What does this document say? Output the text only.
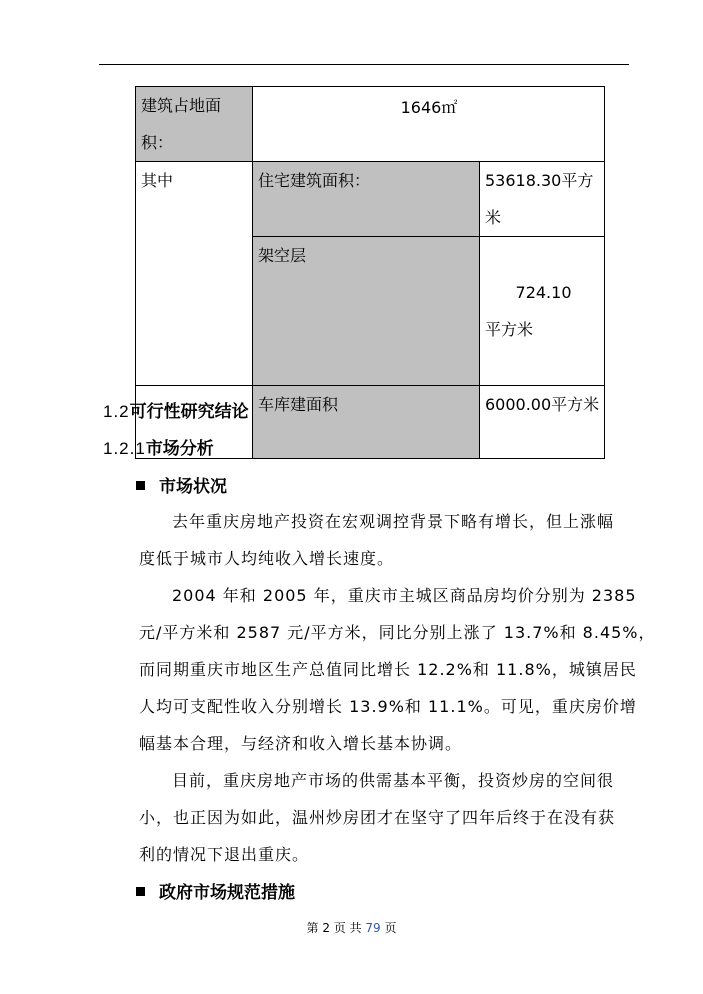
建筑占地面积：	1646㎡	
其中	住宅建筑面积：	53618.30平方米
	架空层	724.10   平方米

	车库建面积	6000.00平方米
1.2可行性研究结论
1.2.1市场分析
市场状况
去年重庆房地产投资在宏观调控背景下略有增长，但上涨幅
度低于城市人均纯收入增长速度。
2004 年和 2005 年，重庆市主城区商品房均价分别为 2385
元/平方米和 2587 元/平方米，同比分别上涨了 13.7%和 8.45%，
而同期重庆市地区生产总值同比增长 12.2%和 11.8%，城镇居民
人均可支配性收入分别增长 13.9%和 11.1%。可见，重庆房价增
幅基本合理，与经济和收入增长基本协调。
目前，重庆房地产市场的供需基本平衡，投资炒房的空间很
小，也正因为如此，温州炒房团才在坚守了四年后终于在没有获
利的情况下退出重庆。
政府市场规范措施
第 2 页 共 79 页
